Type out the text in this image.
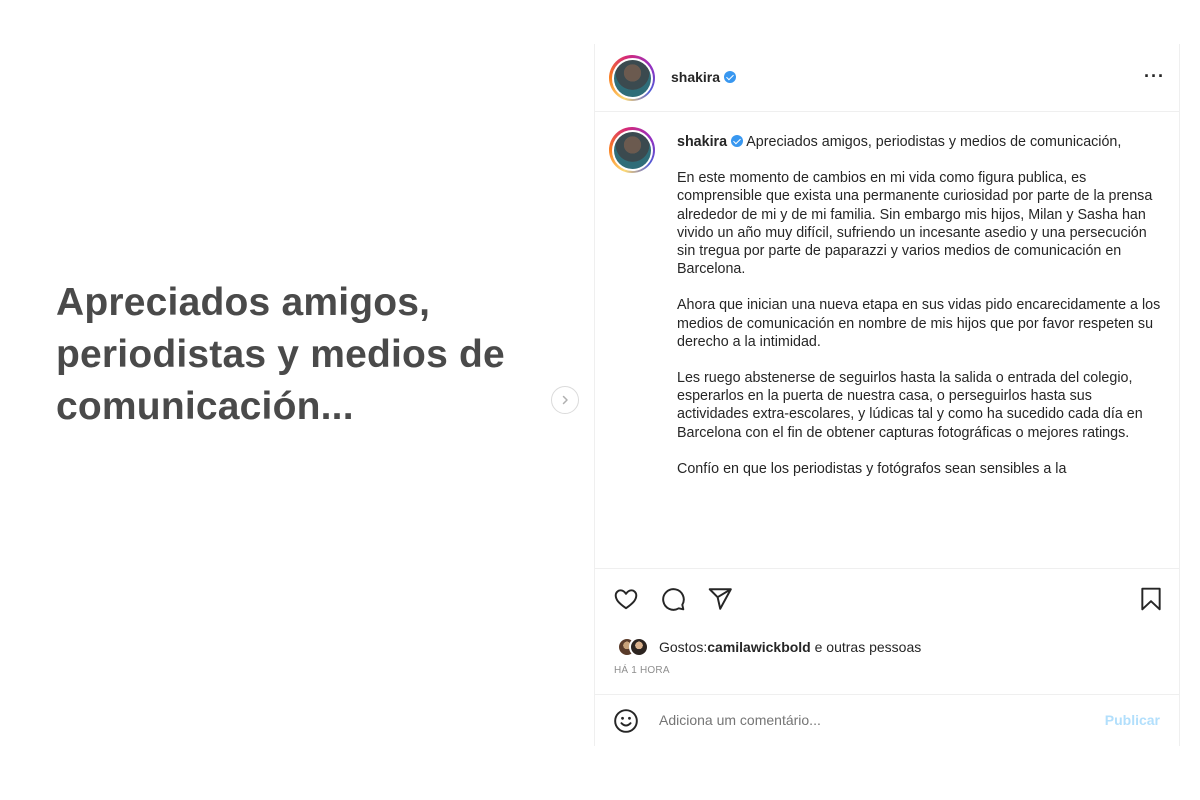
Apreciados amigos, periodistas y medios de comunicación...
shakira	···

shakira Apreciados amigos, periodistas y medios de comunicación,

En este momento de cambios en mi vida como figura publica, es comprensible que exista una permanente curiosidad por parte de la prensa alrededor de mi y de mi familia. Sin embargo mis hijos, Milan y Sasha han vivido un año muy difícil, sufriendo un incesante asedio y una persecución sin tregua por parte de paparazzi y varios medios de comunicación en Barcelona.

Ahora que inician una nueva etapa en sus vidas pido encarecidamente a los medios de comunicación en nombre de mis hijos que por favor respeten su derecho a la intimidad.

Les ruego abstenerse de seguirlos hasta la salida o entrada del colegio, esperarlos en la puerta de nuestra casa, o perseguirlos hasta sus actividades extra-escolares, y lúdicas tal y como ha sucedido cada día en Barcelona con el fin de obtener capturas fotográficas o mejores ratings.

Confío en que los periodistas y fotógrafos sean sensibles a la

Gostos: camilawickbold e outras pessoas
HÁ 1 HORA
Adiciona um comentário...
Publicar
